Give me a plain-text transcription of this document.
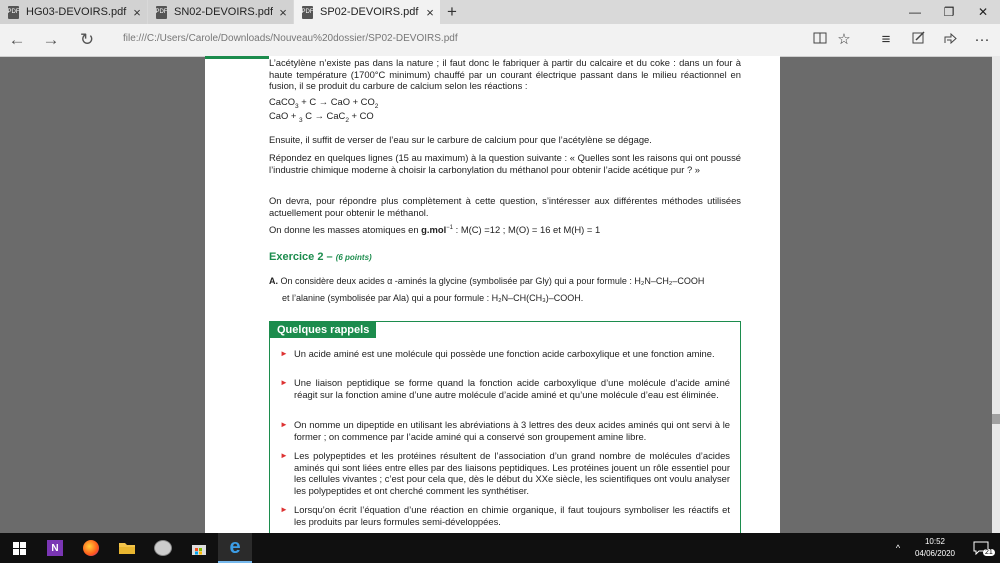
PDF HG03-DEVOIRS.pdf ×	PDF SN02-DEVOIRS.pdf ×	PDF SP02-DEVOIRS.pdf × +	—	❐	✕
←	→	↻	file:///C:/Users/Carole/Downloads/Nouveau%20dossier/SP02-DEVOIRS.pdf	☆	≡	···
L’acétylène n’existe pas dans la nature ; il faut donc le fabriquer à partir du calcaire et du coke : dans un four à haute température (1700°C minimum) chauffé par un courant électrique passant dans le milieu réactionnel en fusion, il se produit du carbure de calcium selon les réactions :
CaCO$_3$ + C → CaO + $CO_2$
CaO + $_3$ C → CaC$_2$ + CO
Ensuite, il suffit de verser de l’eau sur le carbure de calcium pour que l’acétylène se dégage.
Répondez en quelques lignes (15 au maximum) à la question suivante : « Quelles sont les raisons qui ont poussé l’industrie chimique moderne à choisir la carbonylation du méthanol pour obtenir l’acide acétique pur ? »
On devra, pour répondre plus complètement à cette question, s’intéresser aux différentes méthodes utilisées actuellement pour obtenir le méthanol.
On donne les masses atomiques en g.mol$^{-1}$ : M(C) =12 ; M(O) = 16 et M(H) = 1
Exercice 2 – (6 points)
A. On considère deux acides α -aminés la glycine (symbolisée par Gly) qui a pour formule : H₂N–CH₂–COOH
et l’alanine (symbolisée par Ala) qui a pour formule : H₂N–CH(CH₃)–COOH.
Quelques rappels
► Un acide aminé est une molécule qui possède une fonction acide carboxylique et une fonction amine.
► Une liaison peptidique se forme quand la fonction acide carboxylique d’une molécule d’acide aminé réagit sur la fonction amine d’une autre molécule d’acide aminé et qu’une molécule d’eau est éliminée.
► On nomme un dipeptide en utilisant les abréviations à 3 lettres des deux acides aminés qui ont servi à le former ; on commence par l’acide aminé qui a conservé son groupement amine libre.
► Les polypeptides et les protéines résultent de l’association d’un grand nombre de molécules d’acides aminés qui sont liées entre elles par des liaisons peptidiques. Les protéines jouent un rôle essentiel pour les cellules vivantes ; c’est pour cela que, dès le début du XXe siècle, les scientifiques ont voulu analyser les polypeptides et ont cherché comment les synthétiser.
► Lorsqu’on écrit l’équation d’une réaction en chimie organique, il faut toujours symboliser les réactifs et les produits par leurs formules semi-développées.
N	e	^
10:52
04/06/2020	21
